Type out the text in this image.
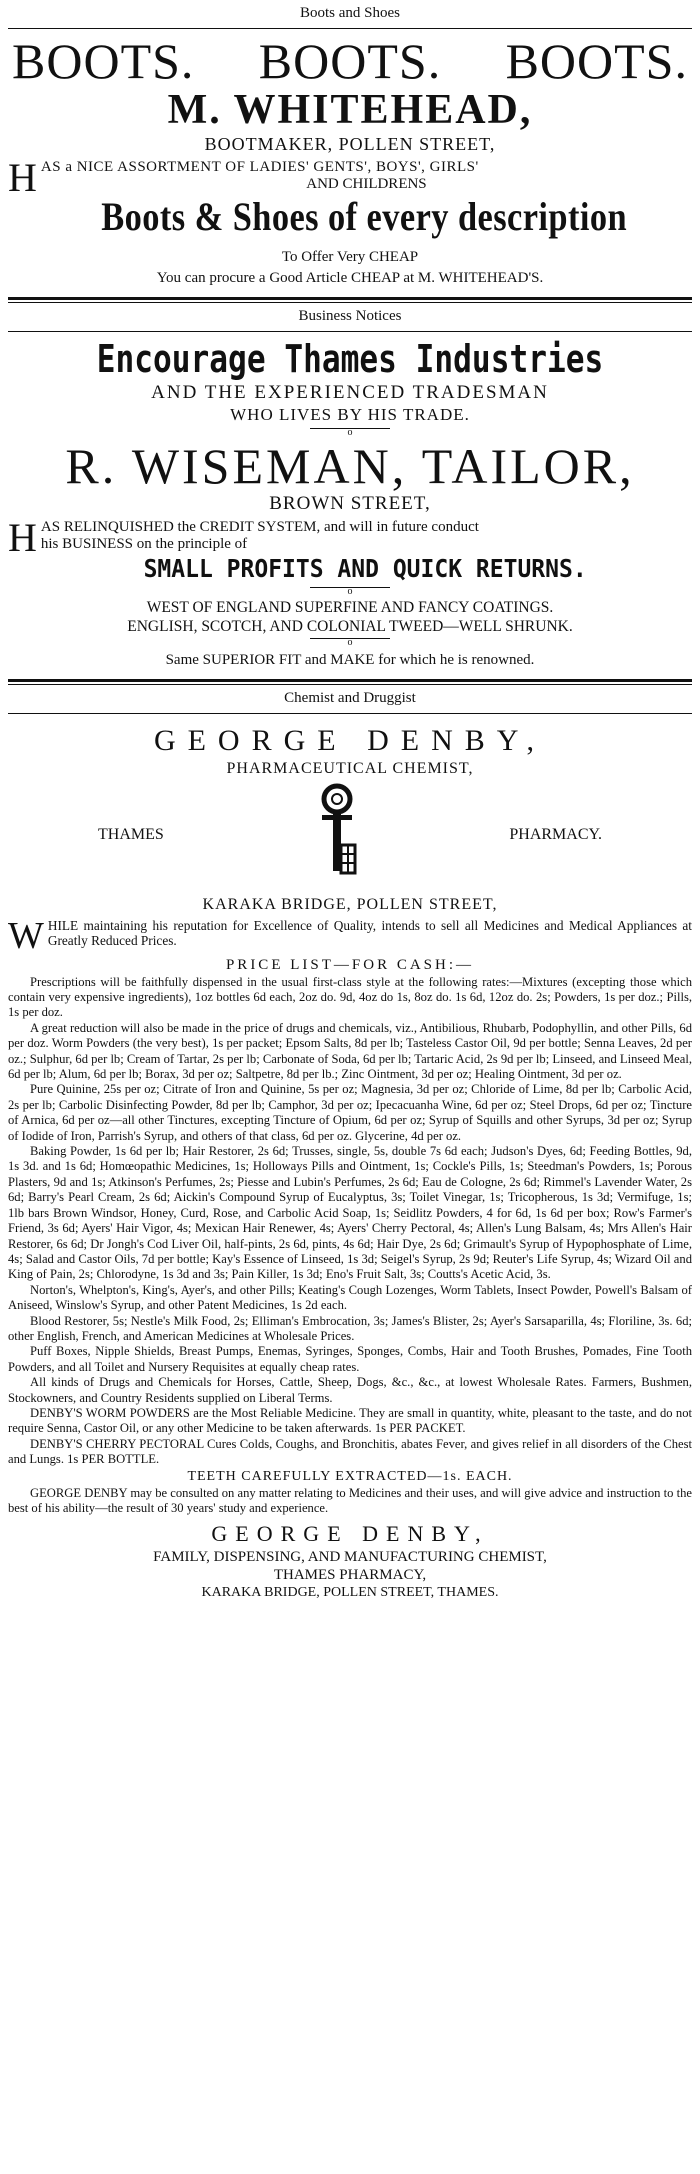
Boots and Shoes
BOOTS. BOOTS. BOOTS.
M. WHITEHEAD,
BOOTMAKER, POLLEN STREET,
H AS a NICE ASSORTMENT OF LADIES' GENTS', BOYS', GIRLS'

AND CHILDRENS
Boots & Shoes of every description
To Offer Very CHEAP
You can procure a Good Article CHEAP at M. WHITEHEAD'S.
Business Notices
Encourage Thames Industries
AND THE EXPERIENCED TRADESMAN
WHO LIVES BY HIS TRADE.
o
R. WISEMAN, TAILOR,
BROWN STREET,
H AS RELINQUISHED the CREDIT SYSTEM, and will in future conduct
his BUSINESS on the principle of
SMALL PROFITS AND QUICK RETURNS.
o
WEST OF ENGLAND SUPERFINE AND FANCY COATINGS.
ENGLISH, SCOTCH, AND COLONIAL TWEED—WELL SHRUNK.
o
Same SUPERIOR FIT and MAKE for which he is renowned.
Chemist and Druggist
GEORGE DENBY,
PHARMACEUTICAL CHEMIST,
THAMES	PHARMACY.
KARAKA BRIDGE, POLLEN STREET,
W HILE maintaining his reputation for Excellence of Quality, intends to sell all Medicines and Medical Appliances at Greatly Reduced Prices.
PRICE LIST—FOR CASH:—

Prescriptions will be faithfully dispensed in the usual first-class style at the following rates:—Mixtures (excepting those which contain very expensive ingredients), 1oz bottles 6d each, 2oz do. 9d, 4oz do 1s, 8oz do. 1s 6d, 12oz do. 2s; Powders, 1s per doz.; Pills, 1s per doz.

A great reduction will also be made in the price of drugs and chemicals, viz., Antibilious, Rhubarb, Podophyllin, and other Pills, 6d per doz. Worm Powders (the very best), 1s per packet; Epsom Salts, 8d per lb; Tasteless Castor Oil, 9d per bottle; Senna Leaves, 2d per oz.; Sulphur, 6d per lb; Cream of Tartar, 2s per lb; Carbonate of Soda, 6d per lb; Tartaric Acid, 2s 9d per lb; Linseed, and Linseed Meal, 6d per lb; Alum, 6d per lb; Borax, 3d per oz; Saltpetre, 8d per lb.; Zinc Ointment, 3d per oz; Healing Ointment, 3d per oz.

Pure Quinine, 25s per oz; Citrate of Iron and Quinine, 5s per oz; Magnesia, 3d per oz; Chloride of Lime, 8d per lb; Carbolic Acid, 2s per lb; Carbolic Disinfecting Powder, 8d per lb; Camphor, 3d per oz; Ipecacuanha Wine, 6d per oz; Steel Drops, 6d per oz; Tincture of Arnica, 6d per oz—all other Tinctures, excepting Tincture of Opium, 6d per oz; Syrup of Squills and other Syrups, 3d per oz; Syrup of Iodide of Iron, Parrish's Syrup, and others of that class, 6d per oz. Glycerine, 4d per oz.

Baking Powder, 1s 6d per lb; Hair Restorer, 2s 6d; Trusses, single, 5s, double 7s 6d each; Judson's Dyes, 6d; Feeding Bottles, 9d, 1s 3d. and 1s 6d; Homœopathic Medicines, 1s; Holloways Pills and Ointment, 1s; Cockle's Pills, 1s; Steedman's Powders, 1s; Porous Plasters, 9d and 1s; Atkinson's Perfumes, 2s; Piesse and Lubin's Perfumes, 2s 6d; Eau de Cologne, 2s 6d; Rimmel's Lavender Water, 2s 6d; Barry's Pearl Cream, 2s 6d; Aickin's Compound Syrup of Eucalyptus, 3s; Toilet Vinegar, 1s; Tricopherous, 1s 3d; Vermifuge, 1s; 1lb bars Brown Windsor, Honey, Curd, Rose, and Carbolic Acid Soap, 1s; Seidlitz Powders, 4 for 6d, 1s 6d per box; Row's Farmer's Friend, 3s 6d; Ayers' Hair Vigor, 4s; Mexican Hair Renewer, 4s; Ayers' Cherry Pectoral, 4s; Allen's Lung Balsam, 4s; Mrs Allen's Hair Restorer, 6s 6d; Dr Jongh's Cod Liver Oil, half-pints, 2s 6d, pints, 4s 6d; Hair Dye, 2s 6d; Grimault's Syrup of Hypophosphate of Lime, 4s; Salad and Castor Oils, 7d per bottle; Kay's Essence of Linseed, 1s 3d; Seigel's Syrup, 2s 9d; Reuter's Life Syrup, 4s; Wizard Oil and King of Pain, 2s; Chlorodyne, 1s 3d and 3s; Pain Killer, 1s 3d; Eno's Fruit Salt, 3s; Coutts's Acetic Acid, 3s.

Norton's, Whelpton's, King's, Ayer's, and other Pills; Keating's Cough Lozenges, Worm Tablets, Insect Powder, Powell's Balsam of Aniseed, Winslow's Syrup, and other Patent Medicines, 1s 2d each.

Blood Restorer, 5s; Nestle's Milk Food, 2s; Elliman's Embrocation, 3s; James's Blister, 2s; Ayer's Sarsaparilla, 4s; Floriline, 3s. 6d; other English, French, and American Medicines at Wholesale Prices.

Puff Boxes, Nipple Shields, Breast Pumps, Enemas, Syringes, Sponges, Combs, Hair and Tooth Brushes, Pomades, Fine Tooth Powders, and all Toilet and Nursery Requisites at equally cheap rates.

All kinds of Drugs and Chemicals for Horses, Cattle, Sheep, Dogs, &c., &c., at lowest Wholesale Rates. Farmers, Bushmen, Stockowners, and Country Residents supplied on Liberal Terms.

DENBY'S WORM POWDERS are the Most Reliable Medicine. They are small in quantity, white, pleasant to the taste, and do not require Senna, Castor Oil, or any other Medicine to be taken afterwards. 1s PER PACKET.

DENBY'S CHERRY PECTORAL Cures Colds, Coughs, and Bronchitis, abates Fever, and gives relief in all disorders of the Chest and Lungs. 1s PER BOTTLE.

TEETH CAREFULLY EXTRACTED—1s. EACH.

GEORGE DENBY may be consulted on any matter relating to Medicines and their uses, and will give advice and instruction to the best of his ability—the result of 30 years' study and experience.

GEORGE DENBY,
FAMILY, DISPENSING, AND MANUFACTURING CHEMIST,
THAMES PHARMACY,
KARAKA BRIDGE, POLLEN STREET, THAMES.
